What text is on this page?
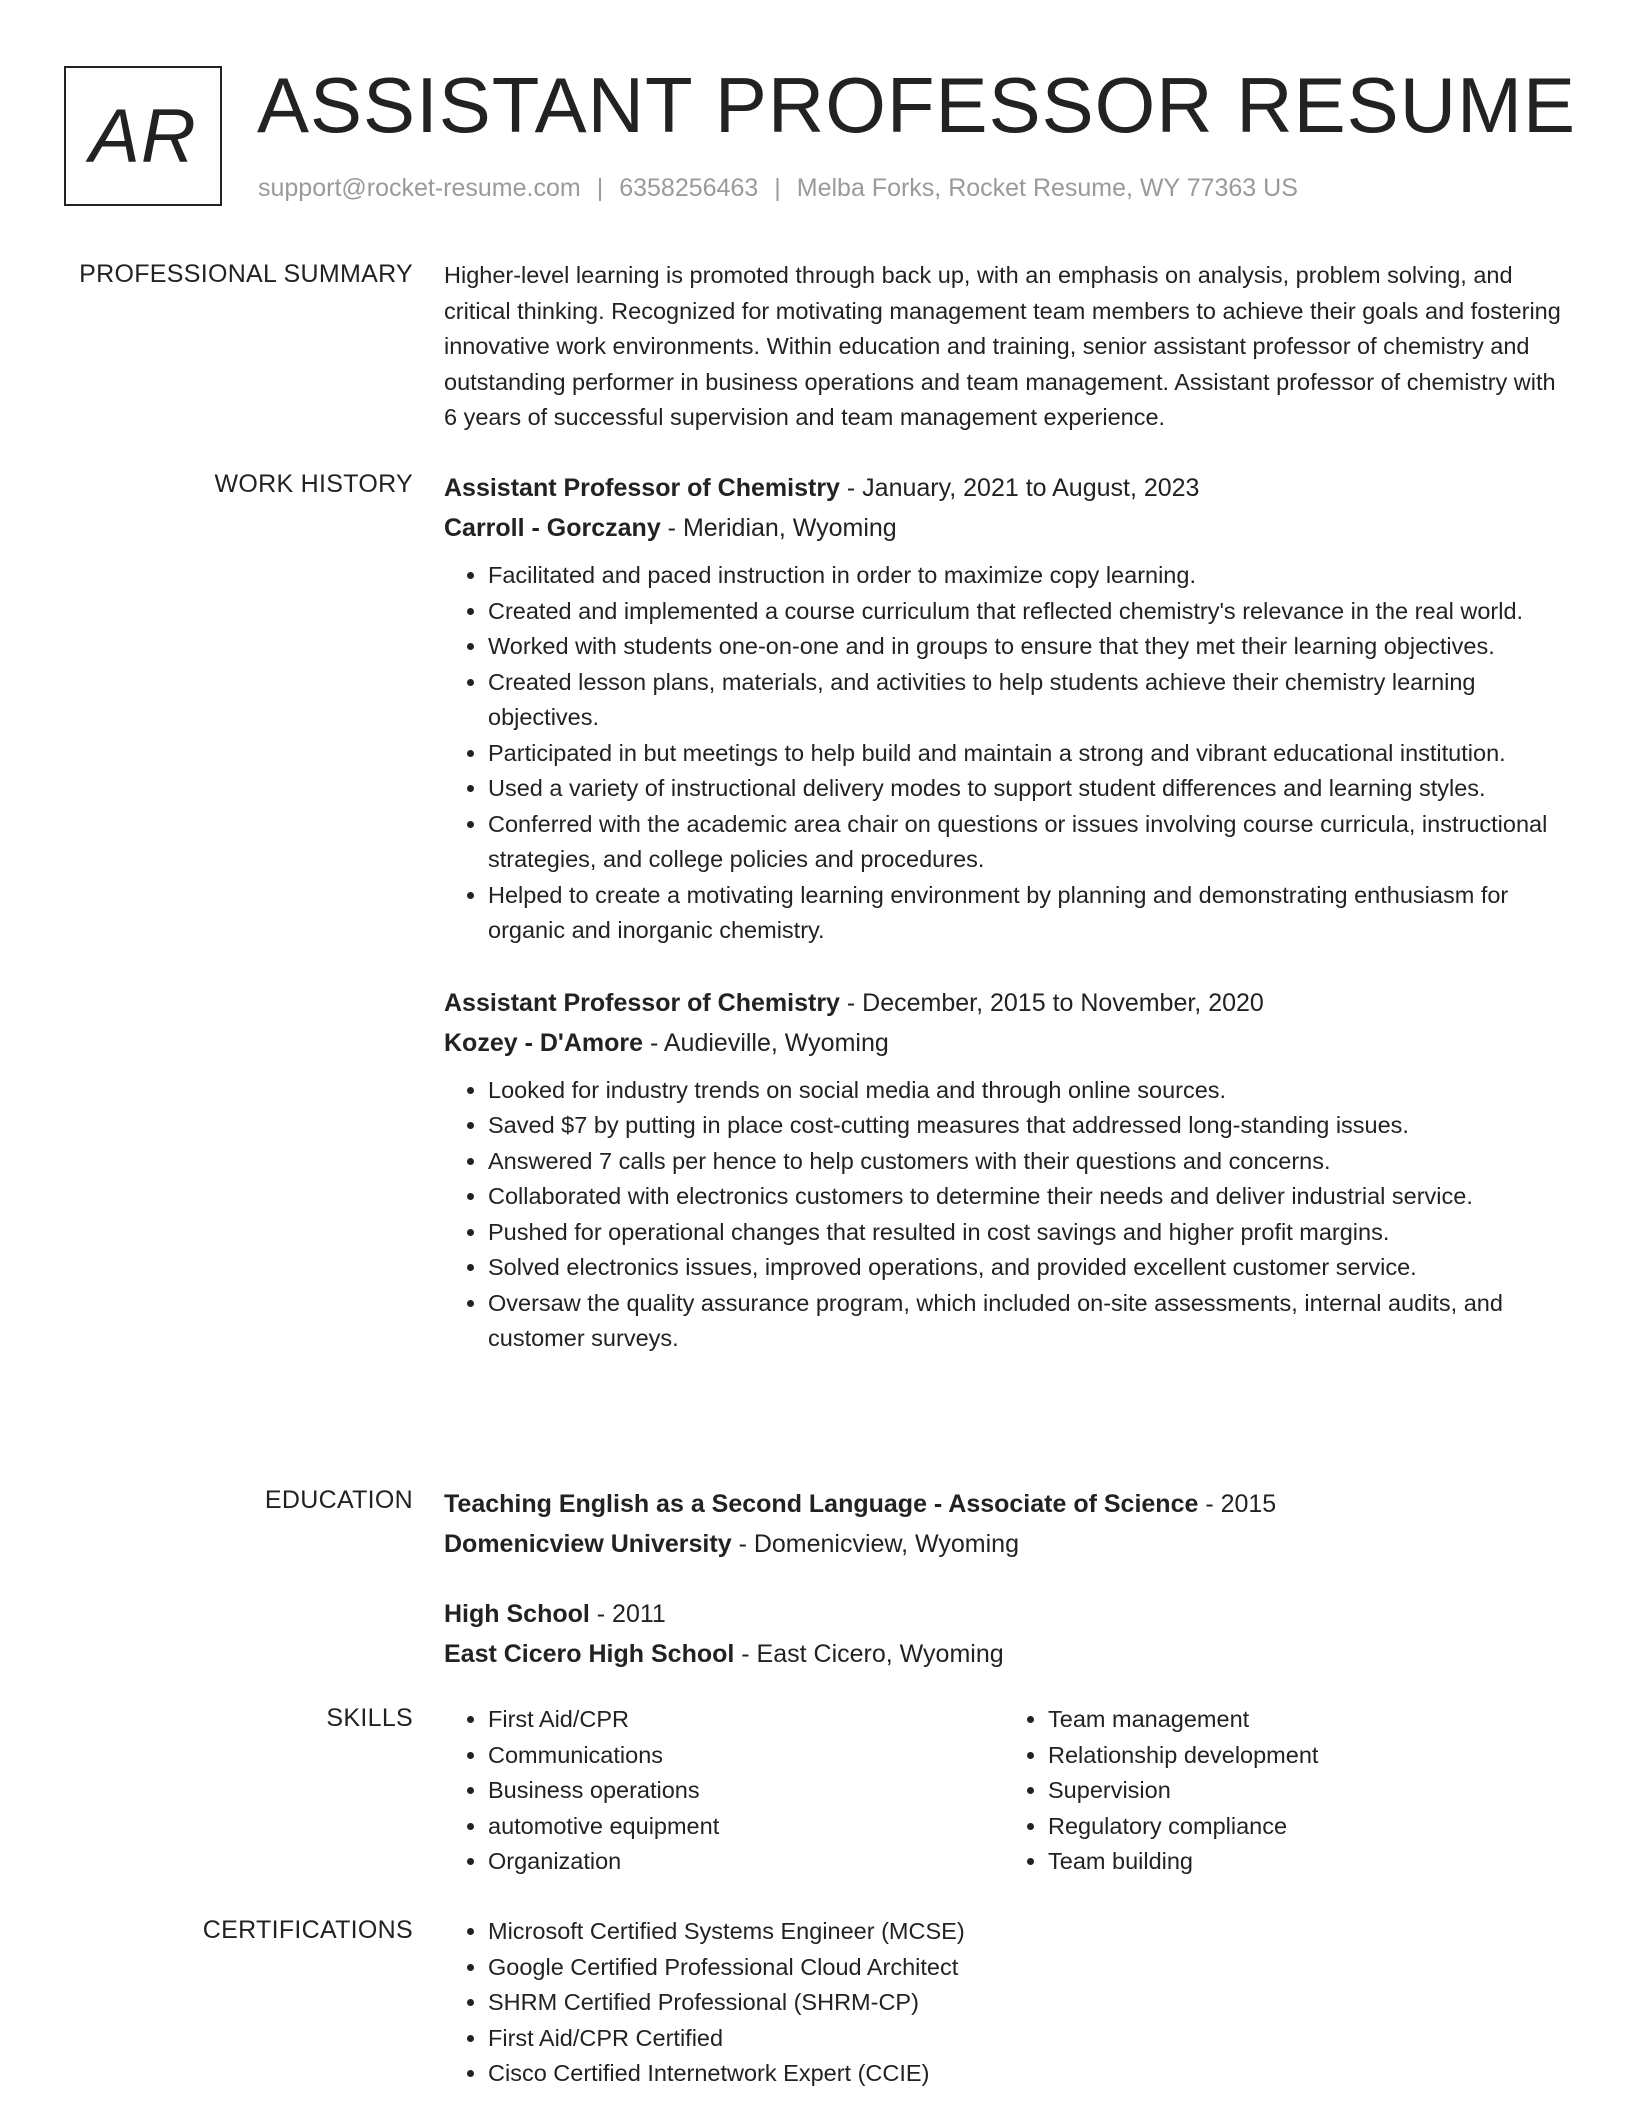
AR ASSISTANT PROFESSOR RESUME
support@rocket-resume.com | 6358256463 | Melba Forks, Rocket Resume, WY 77363 US
PROFESSIONAL SUMMARY Higher-level learning is promoted through back up, with an emphasis on analysis, problem solving, and critical thinking. Recognized for motivating management team members to achieve their goals and fostering innovative work environments. Within education and training, senior assistant professor of chemistry and outstanding performer in business operations and team management. Assistant professor of chemistry with 6 years of successful supervision and team management experience.

WORK HISTORY Assistant Professor of Chemistry - January, 2021 to August, 2023
Carroll - Gorczany - Meridian, Wyoming
• Facilitated and paced instruction in order to maximize copy learning.
• Created and implemented a course curriculum that reflected chemistry's relevance in the real world.
• Worked with students one-on-one and in groups to ensure that they met their learning objectives.
• Created lesson plans, materials, and activities to help students achieve their chemistry learning objectives.
• Participated in but meetings to help build and maintain a strong and vibrant educational institution.
• Used a variety of instructional delivery modes to support student differences and learning styles.
• Conferred with the academic area chair on questions or issues involving course curricula, instructional strategies, and college policies and procedures.
• Helped to create a motivating learning environment by planning and demonstrating enthusiasm for organic and inorganic chemistry.
Assistant Professor of Chemistry - December, 2015 to November, 2020
Kozey - D'Amore - Audieville, Wyoming
• Looked for industry trends on social media and through online sources.
• Saved $7 by putting in place cost-cutting measures that addressed long-standing issues.
• Answered 7 calls per hence to help customers with their questions and concerns.
• Collaborated with electronics customers to determine their needs and deliver industrial service.
• Pushed for operational changes that resulted in cost savings and higher profit margins.
• Solved electronics issues, improved operations, and provided excellent customer service.
• Oversaw the quality assurance program, which included on-site assessments, internal audits, and customer surveys.
EDUCATION Teaching English as a Second Language - Associate of Science - 2015
Domenicview University - Domenicview, Wyoming
High School - 2011
East Cicero High School - East Cicero, Wyoming
SKILLS	• First Aid/CPR
• Communications
• Business operations
• automotive equipment
• Organization
• Team management
• Relationship development
• Supervision
• Regulatory compliance
• Team building
CERTIFICATIONS	• Microsoft Certified Systems Engineer (MCSE)
• Google Certified Professional Cloud Architect
• SHRM Certified Professional (SHRM-CP)
• First Aid/CPR Certified
• Cisco Certified Internetwork Expert (CCIE)
